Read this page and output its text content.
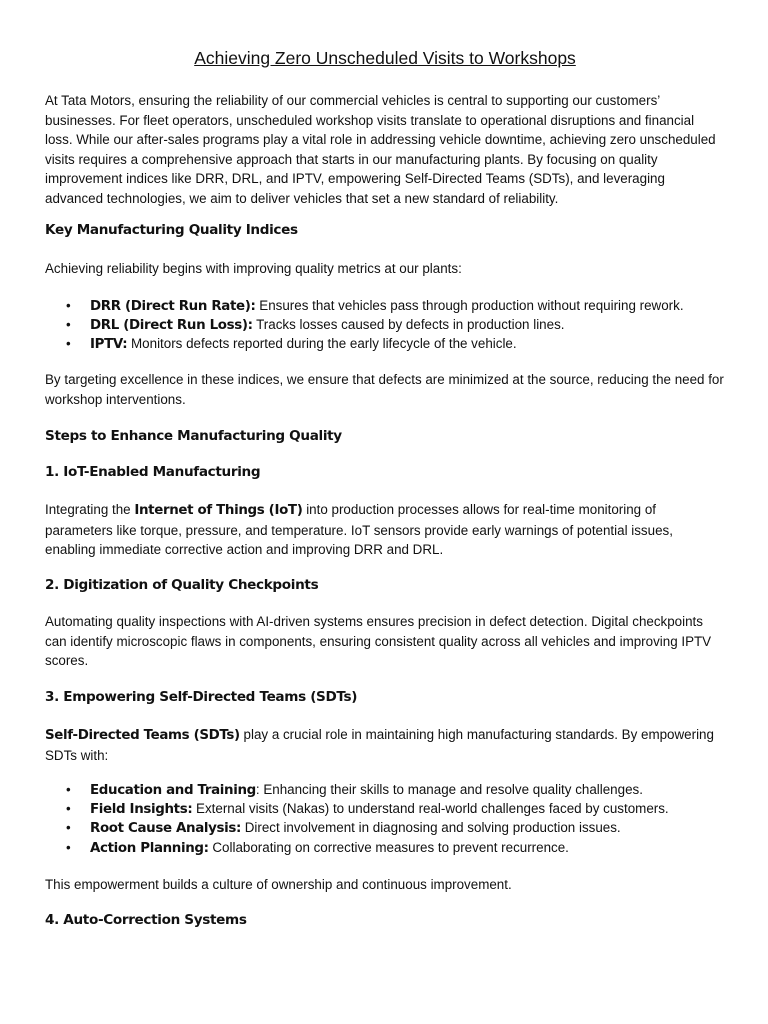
Achieving Zero Unscheduled Visits to Workshops

At Tata Motors, ensuring the reliability of our commercial vehicles is central to supporting our customers’ businesses. For fleet operators, unscheduled workshop visits translate to operational disruptions and financial loss. While our after-sales programs play a vital role in addressing vehicle downtime, achieving zero unscheduled visits requires a comprehensive approach that starts in our manufacturing plants. By focusing on quality improvement indices like DRR, DRL, and IPTV, empowering Self-Directed Teams (SDTs), and leveraging advanced technologies, we aim to deliver vehicles that set a new standard of reliability.

Key Manufacturing Quality Indices

Achieving reliability begins with improving quality metrics at our plants:

• DRR (Direct Run Rate): Ensures that vehicles pass through production without requiring rework.
• DRL (Direct Run Loss): Tracks losses caused by defects in production lines.
• IPTV: Monitors defects reported during the early lifecycle of the vehicle.

By targeting excellence in these indices, we ensure that defects are minimized at the source, reducing the need for workshop interventions.

Steps to Enhance Manufacturing Quality
1. IoT-Enabled Manufacturing

Integrating the Internet of Things (IoT) into production processes allows for real-time monitoring of parameters like torque, pressure, and temperature. IoT sensors provide early warnings of potential issues, enabling immediate corrective action and improving DRR and DRL.

2. Digitization of Quality Checkpoints

Automating quality inspections with AI-driven systems ensures precision in defect detection. Digital checkpoints can identify microscopic flaws in components, ensuring consistent quality across all vehicles and improving IPTV scores.

3. Empowering Self-Directed Teams (SDTs)

Self-Directed Teams (SDTs) play a crucial role in maintaining high manufacturing standards. By empowering SDTs with:

• Education and Training: Enhancing their skills to manage and resolve quality challenges.
• Field Insights: External visits (Nakas) to understand real-world challenges faced by customers.
• Root Cause Analysis: Direct involvement in diagnosing and solving production issues.
• Action Planning: Collaborating on corrective measures to prevent recurrence.

This empowerment builds a culture of ownership and continuous improvement.

4. Auto-Correction Systems
